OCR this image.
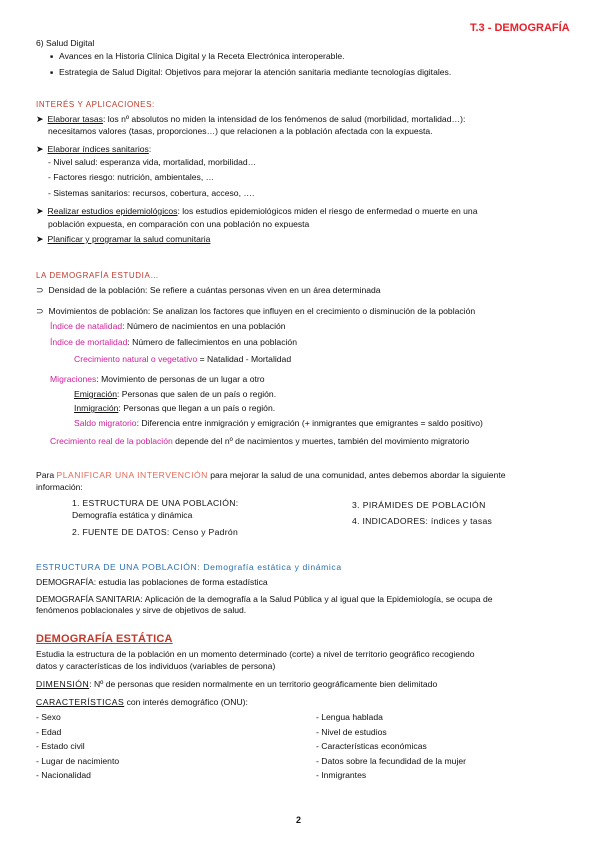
T.3 - DEMOGRAFÍA
6) Salud Digital
■ Avances en la Historia Clínica Digital y la Receta Electrónica interoperable.
■ Estrategia de Salud Digital: Objetivos para mejorar la atención sanitaria mediante tecnologías digitales.
INTERÉS Y APLICACIONES:
➤ Elaborar tasas: los nº absolutos no miden la intensidad de los fenómenos de salud (morbilidad, mortalidad…):
necesitamos valores (tasas, proporciones…) que relacionen a la población afectada con la expuesta.
➤ Elaborar índices sanitarios:
- Nivel salud: esperanza vida, mortalidad, morbilidad…
- Factores riesgo: nutrición, ambientales, …
- Sistemas sanitarios: recursos, cobertura, acceso, ….
➤ Realizar estudios epidemiológicos: los estudios epidemiológicos miden el riesgo de enfermedad o muerte en una
población expuesta, en comparación con una población no expuesta
➤ Planificar y programar la salud comunitaria
LA DEMOGRAFÍA ESTUDIA…
⊃ Densidad de la población: Se refiere a cuántas personas viven en un área determinada
⊃ Movimientos de población: Se analizan los factores que influyen en el crecimiento o disminución de la población
Índice de natalidad: Número de nacimientos en una población
Índice de mortalidad: Número de fallecimientos en una población
Crecimiento natural o vegetativo = Natalidad - Mortalidad
Migraciones: Movimiento de personas de un lugar a otro
Emigración: Personas que salen de un país o región.
Inmigración: Personas que llegan a un país o región.
Saldo migratorio: Diferencia entre inmigración y emigración (+ inmigrantes que emigrantes = saldo positivo)
Crecimiento real de la población depende del nº de nacimientos y muertes, también del movimiento migratorio
Para PLANIFICAR UNA INTERVENCIÓN para mejorar la salud de una comunidad, antes debemos abordar la siguiente
información:
1. ESTRUCTURA DE UNA POBLACIÓN:
Demografía estática y dinámica
2. FUENTE DE DATOS: Censo y Padrón
3. PIRÁMIDES DE POBLACIÓN
4. INDICADORES: índices y tasas
ESTRUCTURA DE UNA POBLACIÓN: Demografía estática y dinámica
DEMOGRAFÍA: estudia las poblaciones de forma estadística
DEMOGRAFÍA SANITARIA: Aplicación de la demografía a la Salud Pública y al igual que la Epidemiología, se ocupa de
fenómenos poblacionales y sirve de objetivos de salud.
DEMOGRAFÍA ESTÁTICA
Estudia la estructura de la población en un momento determinado (corte) a nivel de territorio geográfico recogiendo
datos y características de los individuos (variables de persona)
DIMENSIÓN: Nº de personas que residen normalmente en un territorio geográficamente bien delimitado
CARACTERÍSTICAS con interés demográfico (ONU):
- Sexo
- Edad
- Estado civil
- Lugar de nacimiento
- Nacionalidad
- Lengua hablada
- Nivel de estudios
- Características económicas
- Datos sobre la fecundidad de la mujer
- Inmigrantes
2
